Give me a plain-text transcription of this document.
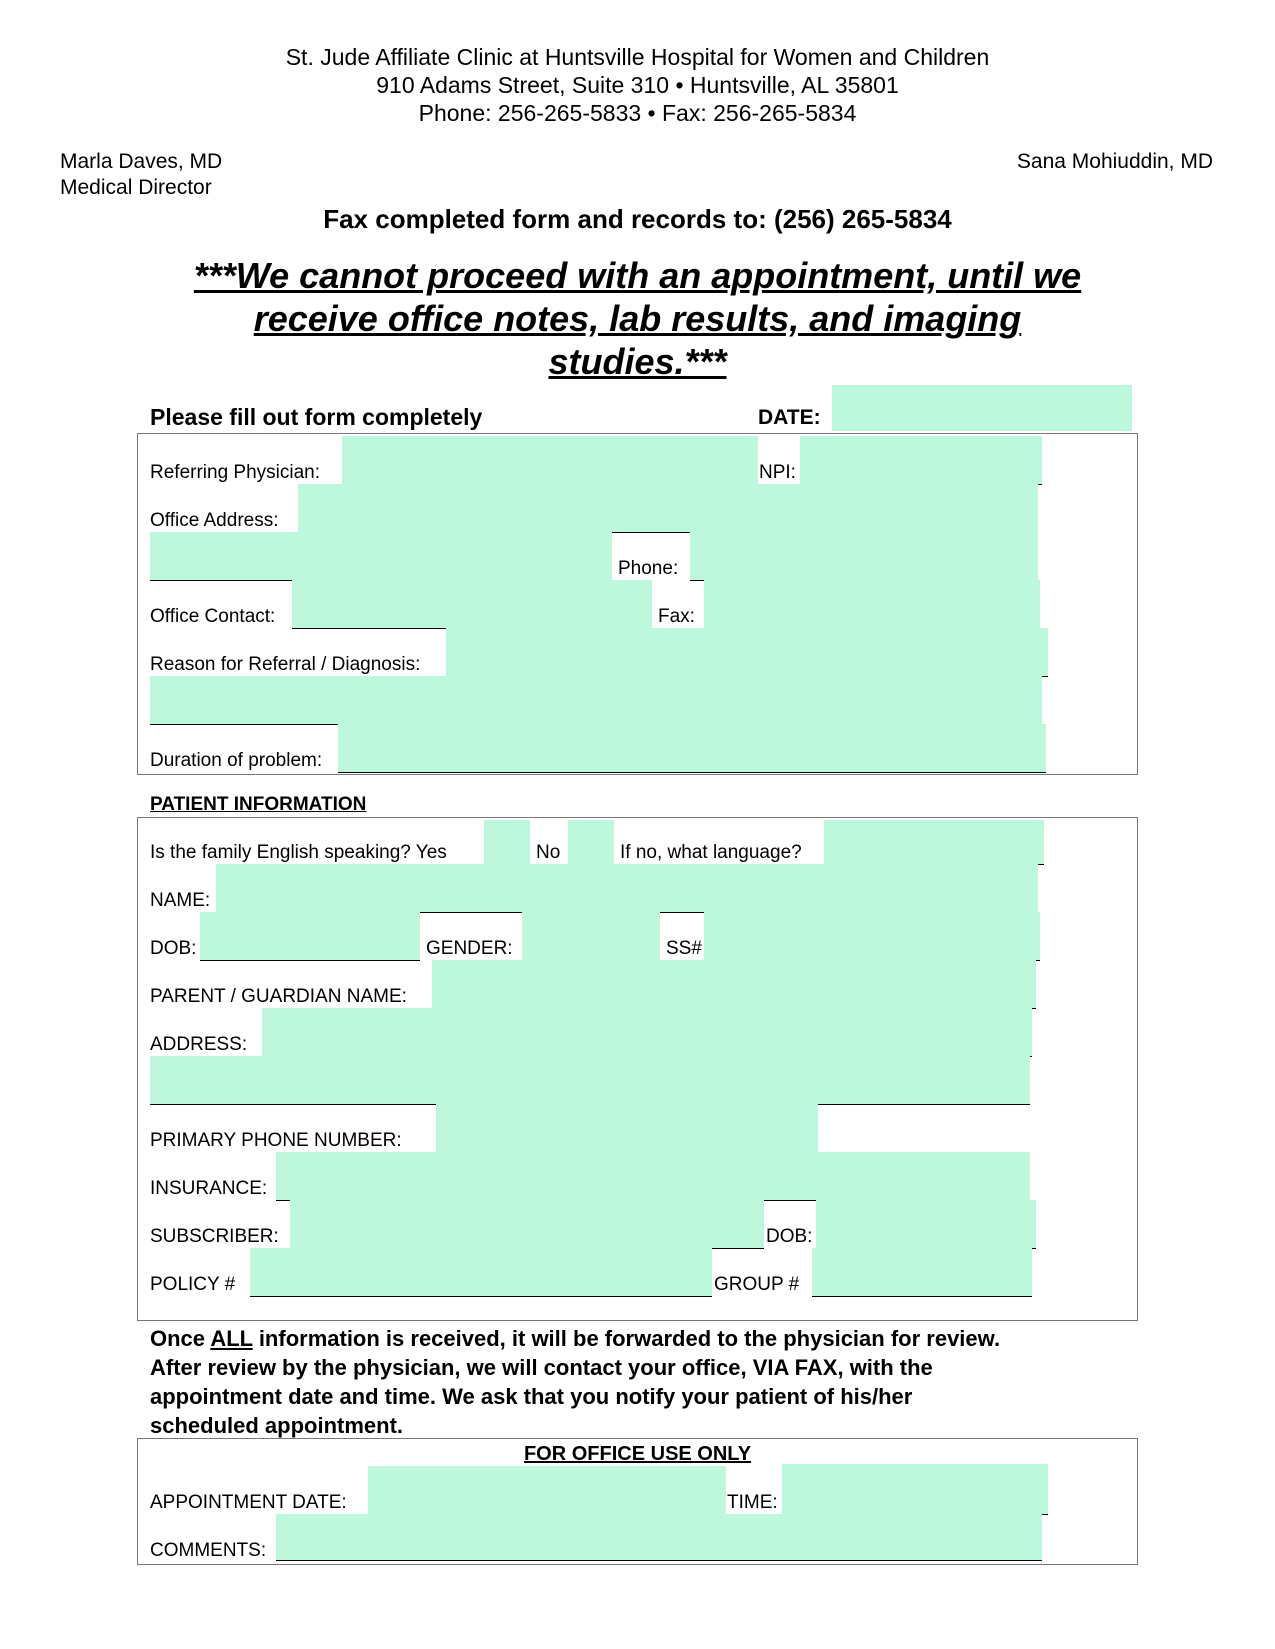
St. Jude Affiliate Clinic at Huntsville Hospital for Women and Children
910 Adams Street, Suite 310 • Huntsville, AL 35801
Phone: 256-265-5833 • Fax: 256-265-5834
Marla Daves, MD
Medical Director
Sana Mohiuddin, MD
Fax completed form and records to: (256) 265-5834
***We cannot proceed with an appointment, until we
receive office notes, lab results, and imaging
studies.***
Please fill out form completely	DATE:
Referring Physician:	NPI:
Office Address:
Phone:
Office Contact:	Fax:
Reason for Referral / Diagnosis:
Duration of problem:
PATIENT INFORMATION
Is the family English speaking? Yes	No	If no, what language?
NAME:
DOB:	GENDER:	SS#
PARENT / GUARDIAN NAME:
ADDRESS:
PRIMARY PHONE NUMBER:
INSURANCE:
SUBSCRIBER:	DOB:
POLICY #	GROUP #
Once ALL information is received, it will be forwarded to the physician for review.
After review by the physician, we will contact your office, VIA FAX, with the
appointment date and time. We ask that you notify your patient of his/her
scheduled appointment.
FOR OFFICE USE ONLY
APPOINTMENT DATE:	TIME:
COMMENTS:
